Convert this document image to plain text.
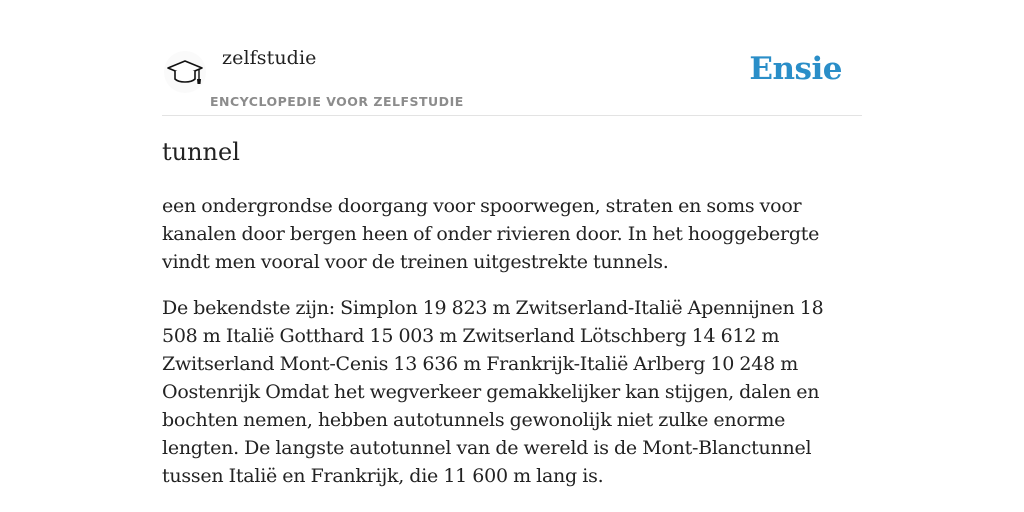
zelfstudie
ENCYCLOPEDIE VOOR ZELFSTUDIE
Ensie
tunnel

een ondergrondse doorgang voor spoorwegen, straten en soms voor kanalen door bergen heen of onder rivieren door. In het hooggebergte vindt men vooral voor de treinen uitgestrekte tunnels.

De bekendste zijn: Simplon 19 823 m Zwitserland-Italië Apennijnen 18 508 m Italië Gotthard 15 003 m Zwitserland Lötschberg 14 612 m Zwitserland Mont-Cenis 13 636 m Frankrijk-Italië Arlberg 10 248 m Oostenrijk Omdat het wegverkeer gemakkelijker kan stijgen, dalen en bochten nemen, hebben autotunnels gewonolijk niet zulke enorme lengten. De langste autotunnel van de wereld is de Mont-Blanctunnel tussen Italië en Frankrijk, die 11 600 m lang is.
